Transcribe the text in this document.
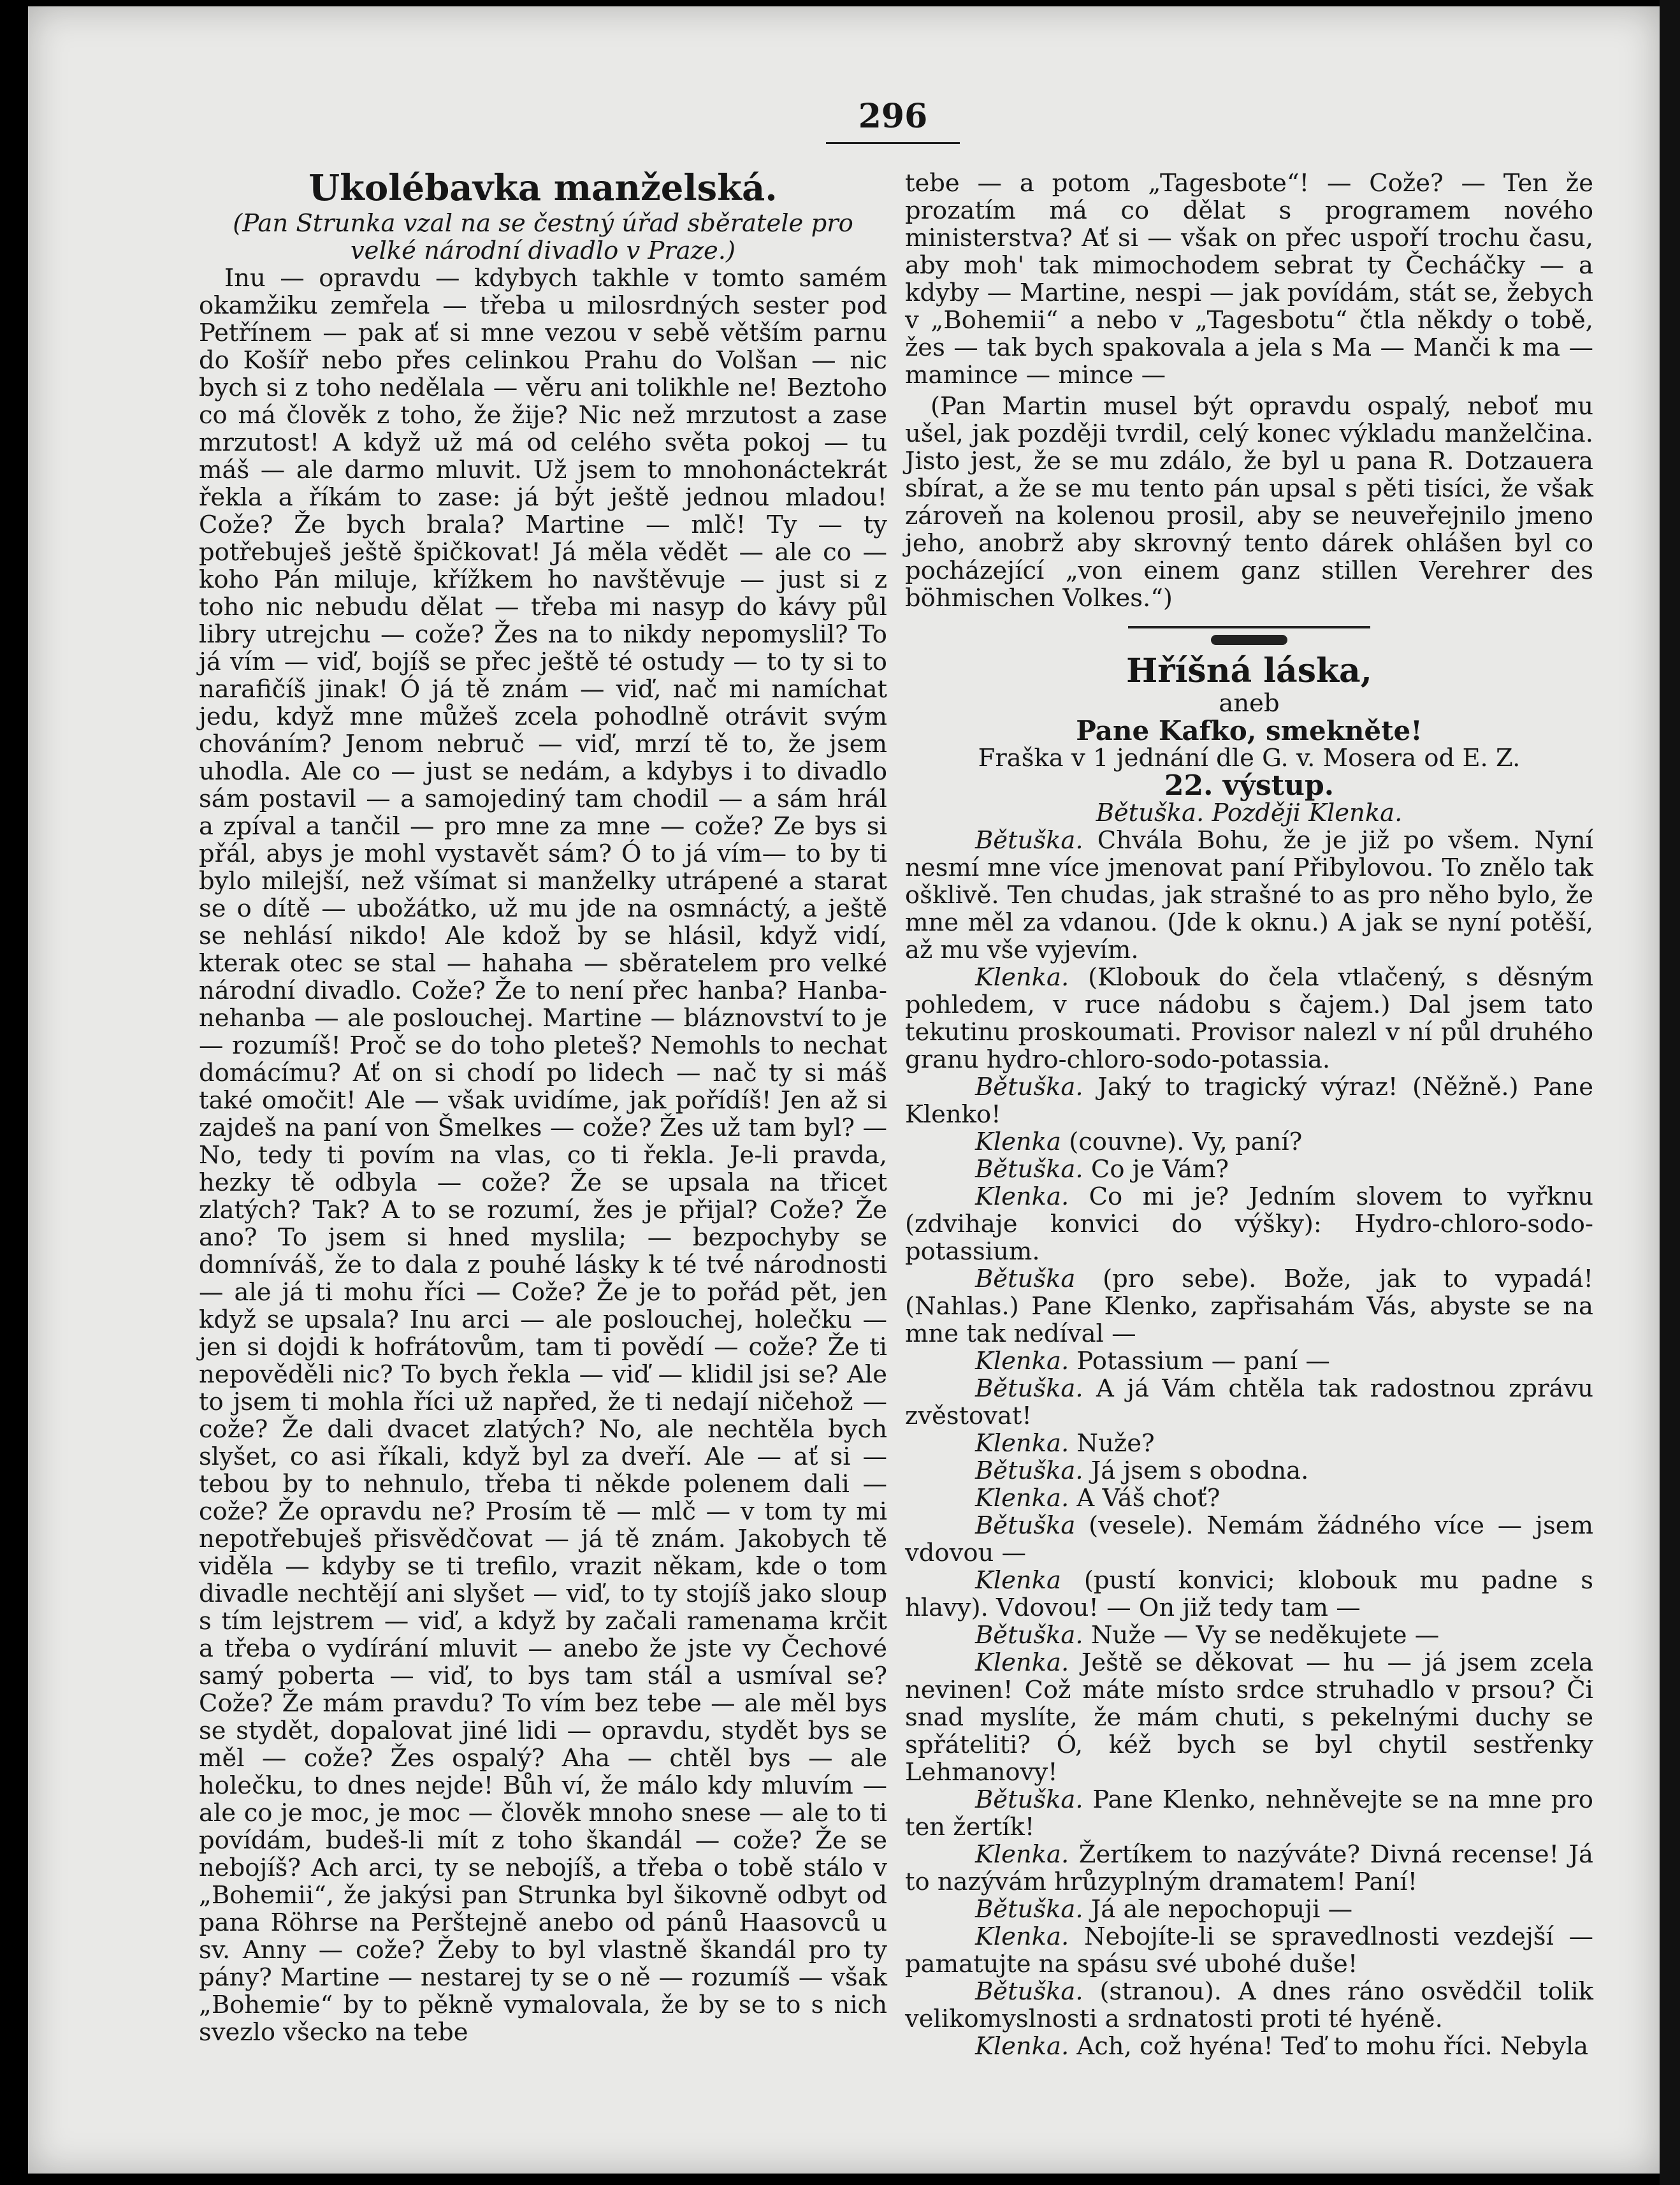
296
Ukolébavka manželská.

(Pan Strunka vzal na se čestný úřad sběratele pro velké národní divadlo v Praze.)

Inu — opravdu — kdybych takhle v tomto samém okamžiku zemřela — třeba u milosrdných sester pod Petřínem — pak ať si mne vezou v sebě větším parnu do Košíř nebo přes celinkou Prahu do Volšan — nic bych si z toho nedělala — věru ani tolikhle ne! Beztoho co má člověk z toho, že žije? Nic než mrzutost a zase mrzutost! A když už má od celého světa pokoj — tu máš — ale darmo mluvit. Už jsem to mnohonáctekrát řekla a říkám to zase: já být ještě jednou mladou! Cože? Že bych brala? Martine — mlč! Ty — ty potřebuješ ještě špičkovat! Já měla vědět — ale co — koho Pán miluje, křížkem ho navštěvuje — just si z toho nic nebudu dělat — třeba mi nasyp do kávy půl libry utrejchu — cože? Žes na to nikdy nepomyslil? To já vím — viď, bojíš se přec ještě té ostudy — to ty si to narafičíš jinak! Ó já tě znám — viď, nač mi namíchat jedu, když mne můžeš zcela pohodlně otrávit svým chováním? Jenom nebruč — viď, mrzí tě to, že jsem uhodla. Ale co — just se nedám, a kdybys i to divadlo sám postavil — a samojediný tam chodil — a sám hrál a zpíval a tančil — pro mne za mne — cože? Ze bys si přál, abys je mohl vystavět sám? Ó to já vím— to by ti bylo milejší, než všímat si manželky utrápené a starat se o dítě — ubožátko, už mu jde na osmnáctý, a ještě se nehlásí nikdo! Ale kdož by se hlásil, když vidí, kterak otec se stal — hahaha — sběratelem pro velké národní divadlo. Cože? Že to není přec hanba? Hanba-nehanba — ale poslouchej. Martine — bláznovství to je — rozumíš! Proč se do toho pleteš? Nemohls to nechat domácímu? Ať on si chodí po lidech — nač ty si máš také omočit! Ale — však uvidíme, jak pořídíš! Jen až si zajdeš na paní von Šmelkes — cože? Žes už tam byl? — No, tedy ti povím na vlas, co ti řekla. Je-li pravda, hezky tě odbyla — cože? Že se upsala na třicet zlatých? Tak? A to se rozumí, žes je přijal? Cože? Že ano? To jsem si hned myslila; — bezpochyby se domníváš, že to dala z pouhé lásky k té tvé národnosti — ale já ti mohu říci — Cože? Že je to pořád pět, jen když se upsala? Inu arci — ale poslouchej, holečku — jen si dojdi k hofrátovům, tam ti povědí — cože? Že ti nepověděli nic? To bych řekla — viď — klidil jsi se? Ale to jsem ti mohla říci už napřed, že ti nedají ničehož — cože? Že dali dvacet zlatých? No, ale nechtěla bych slyšet, co asi říkali, když byl za dveří. Ale — ať si — tebou by to nehnulo, třeba ti někde polenem dali — cože? Že opravdu ne? Prosím tě — mlč — v tom ty mi nepotřebuješ přisvědčovat — já tě znám. Jakobych tě viděla — kdyby se ti trefilo, vrazit někam, kde o tom divadle nechtějí ani slyšet — viď, to ty stojíš jako sloup s tím lejstrem — viď, a když by začali ramenama krčit a třeba o vydírání mluvit — anebo že jste vy Čechové samý poberta — viď, to bys tam stál a usmíval se? Cože? Že mám pravdu? To vím bez tebe — ale měl bys se stydět, dopalovat jiné lidi — opravdu, stydět bys se měl — cože? Žes ospalý? Aha — chtěl bys — ale holečku, to dnes nejde! Bůh ví, že málo kdy mluvím — ale co je moc, je moc — člověk mnoho snese — ale to ti povídám, budeš-li mít z toho škandál — cože? Že se nebojíš? Ach arci, ty se nebojíš, a třeba o tobě stálo v „Bohemii“, že jakýsi pan Strunka byl šikovně odbyt od pana Röhrse na Perštejně anebo od pánů Haasovců u sv. Anny — cože? Žeby to byl vlastně škandál pro ty pány? Martine — nestarej ty se o ně — rozumíš — však „Bohemie“ by to pěkně vymalovala, že by se to s nich svezlo všecko na tebe

tebe — a potom „Tagesbote“! — Cože? — Ten že prozatím má co dělat s programem nového ministerstva? Ať si — však on přec uspoří trochu času, aby moh' tak mimochodem sebrat ty Čecháčky — a kdyby — Martine, nespi — jak povídám, stát se, žebych v „Bohemii“ a nebo v „Tagesbotu“ čtla někdy o tobě, žes — tak bych spakovala a jela s Ma — Manči k ma — mamince — mince —

(Pan Martin musel být opravdu ospalý, neboť mu ušel, jak později tvrdil, celý konec výkladu manželčina. Jisto jest, že se mu zdálo, že byl u pana R. Dotzauera sbírat, a že se mu tento pán upsal s pěti tisíci, že však zároveň na kolenou prosil, aby se neuveřejnilo jmeno jeho, anobrž aby skrovný tento dárek ohlášen byl co pocházející „von einem ganz stillen Verehrer des böhmischen Volkes.“)

Hříšná láska,
aneb
Pane Kafko, smekněte!
Fraška v 1 jednání dle G. v. Mosera od E. Z.
22. výstup.
Bětuška. Později Klenka.

Bětuška. Chvála Bohu, že je již po všem. Nyní nesmí mne více jmenovat paní Přibylovou. To znělo tak ošklivě. Ten chudas, jak strašné to as pro něho bylo, že mne měl za vdanou. (Jde k oknu.) A jak se nyní potěší, až mu vše vyjevím.

Klenka. (Klobouk do čela vtlačený, s děsným pohledem, v ruce nádobu s čajem.) Dal jsem tato tekutinu proskoumati. Provisor nalezl v ní půl druhého granu hydro-chloro-sodo-potassia.

Bětuška. Jaký to tragický výraz! (Něžně.) Pane Klenko!

Klenka (couvne). Vy, paní?

Bětuška. Co je Vám?

Klenka. Co mi je? Jedním slovem to vyřknu (zdvihaje konvici do výšky): Hydro-chloro-sodo-potassium.

Bětuška (pro sebe). Bože, jak to vypadá! (Nahlas.) Pane Klenko, zapřisahám Vás, abyste se na mne tak nedíval —

Klenka. Potassium — paní —

Bětuška. A já Vám chtěla tak radostnou zprávu zvěstovat!

Klenka. Nuže?

Bětuška. Já jsem s obodna.

Klenka. A Váš choť?

Bětuška (vesele). Nemám žádného více — jsem vdovou —

Klenka (pustí konvici; klobouk mu padne s hlavy). Vdovou! — On již tedy tam —

Bětuška. Nuže — Vy se neděkujete —

Klenka. Ještě se děkovat — hu — já jsem zcela nevinen! Což máte místo srdce struhadlo v prsou? Či snad myslíte, že mám chuti, s pekelnými duchy se spřáteliti? Ó, kéž bych se byl chytil sestřenky Lehmanovy!

Bětuška. Pane Klenko, nehněvejte se na mne pro ten žertík!

Klenka. Žertíkem to nazýváte? Divná recense! Já to nazývám hrůzyplným dramatem! Paní!

Bětuška. Já ale nepochopuji —

Klenka. Nebojíte-li se spravedlnosti vezdejší — pamatujte na spásu své ubohé duše!

Bětuška. (stranou). A dnes ráno osvědčil tolik velikomyslnosti a srdnatosti proti té hyéně.

Klenka. Ach, což hyéna! Teď to mohu říci. Nebyla
